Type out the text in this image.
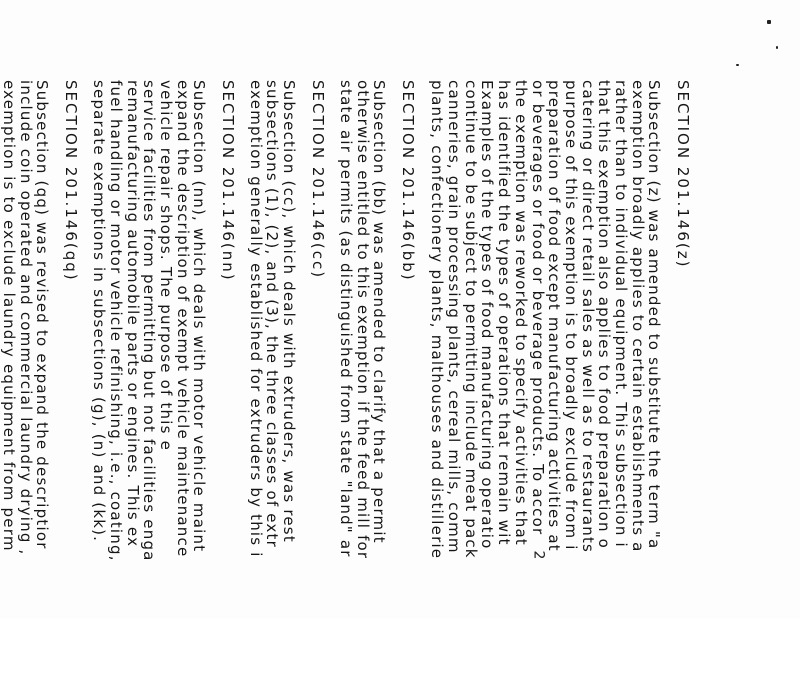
SECTION 201.146(z)
Subsection (z) was amended to substitute the term "a
exemption broadly applies to certain establishments a
rather than to individual equipment. This subsection i
that this exemption also applies to food preparation o
catering or direct retail sales as well as to restaurants
purpose of this exemption is to broadly exclude from i
preparation of food except manufacturing activities at
or beverages or food or beverage products. To accor
the exemption was reworked to specify activities that
has identified the types of operations that remain wit
Examples of the types of food manufacturing operatio
continue to be subject to permitting include meat pack
canneries, grain processing plants, cereal mills, comm
plants, confectionery plants, malthouses and distillerie
SECTION 201.146(bb)
Subsection (bb) was amended to clarify that a permit
otherwise entitled to this exemption if the feed mill for
state air permits (as distinguished from state "land" ar
SECTION 201.146(cc)
Subsection (cc), which deals with extruders, was rest
subsections (1), (2), and (3), the three classes of extr
exemption generally established for extruders by this i
SECTION 201.146(nn)
Subsection (nn), which deals with motor vehicle maint
expand the description of exempt vehicle maintenance
vehicle repair shops. The purpose of this e
service facilities from permitting but not facilities enga
remanufacturing automobile parts or engines. This ex
fuel handling or motor vehicle refinishing, i.e., coating,
separate exemptions in subsections (g), (n) and (kk).
SECTION 201.146(qq)
Subsection (qq) was revised to expand the descriptior
include coin operated and commercial laundry drying ,
exemption is to exclude laundry equipment from perm
2
